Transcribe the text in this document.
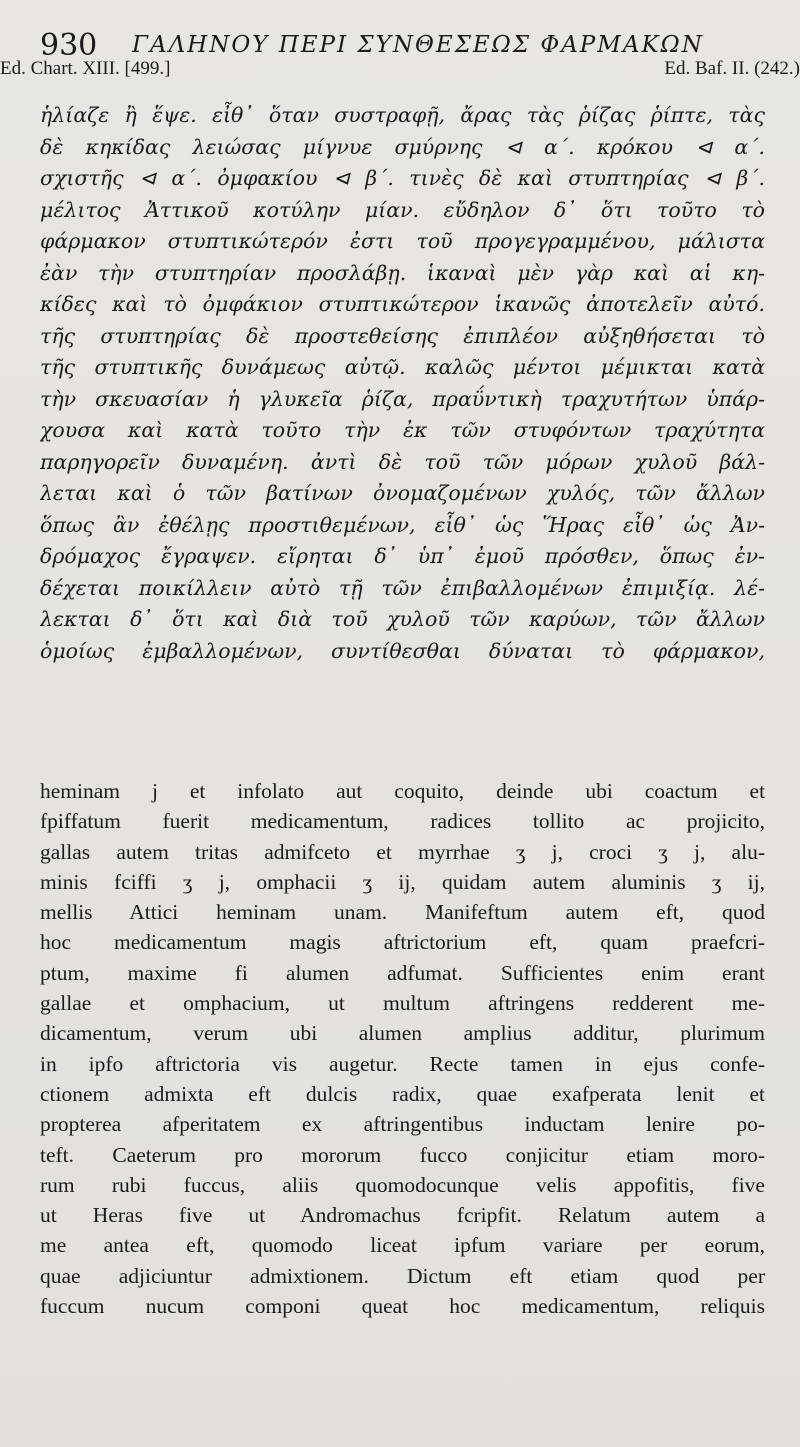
930 ΓΑΛΗΝΟΥ ΠΕΡΙ ΣΥΝΘΕΣΕΩΣ ΦΑΡΜΑΚΩΝ
Ed. Chart. XIII. [499.]	Ed. Baf. II. (242.)
ἡλίαζε ἢ ἕψε. εἶθ᾽ ὅταν συστραφῇ, ἄρας τὰς ῥίζας ῥίπτε, τὰς
δὲ κηκίδας λειώσας μίγνυε σμύρνης ⊲ α΄. κρόκου ⊲ α΄.
σχιστῆς ⊲ α΄. ὀμφακίου ⊲ β΄. τινὲς δὲ καὶ στυπτηρίας ⊲ β΄.
μέλιτος Ἀττικοῦ κοτύλην μίαν. εὔδηλον δ᾽ ὅτι τοῦτο τὸ
φάρμακον στυπτικώτερόν ἐστι τοῦ προγεγραμμένου, μάλιστα
ἐὰν τὴν στυπτηρίαν προσλάβῃ. ἱκαναὶ μὲν γὰρ καὶ αἱ κη-
κίδες καὶ τὸ ὀμφάκιον στυπτικώτερον ἱκανῶς ἀποτελεῖν αὐτό.
τῆς στυπτηρίας δὲ προστεθείσης ἐπιπλέον αὐξηθήσεται τὸ
τῆς στυπτικῆς δυνάμεως αὐτῷ. καλῶς μέντοι μέμικται κατὰ
τὴν σκευασίαν ἡ γλυκεῖα ῥίζα, πραΰντικὴ τραχυτήτων ὑπάρ-
χουσα καὶ κατὰ τοῦτο τὴν ἐκ τῶν στυφόντων τραχύτητα
παρηγορεῖν δυναμένη. ἀντὶ δὲ τοῦ τῶν μόρων χυλοῦ βάλ-
λεται καὶ ὁ τῶν βατίνων ὀνομαζομένων χυλός, τῶν ἄλλων
ὅπως ἂν ἐθέλῃς προστιθεμένων, εἶθ᾽ ὡς Ἥρας εἶθ᾽ ὡς Ἀν-
δρόμαχος ἔγραψεν. εἴρηται δ᾽ ὑπ᾽ ἐμοῦ πρόσθεν, ὅπως ἐν-
δέχεται ποικίλλειν αὐτὸ τῇ τῶν ἐπιβαλλομένων ἐπιμιξίᾳ. λέ-
λεκται δ᾽ ὅτι καὶ διὰ τοῦ χυλοῦ τῶν καρύων, τῶν ἄλλων
ὁμοίως ἐμβαλλομένων, συντίθεσθαι δύναται τὸ φάρμακον,
heminam j et infolato aut coquito, deinde ubi coactum et
fpiffatum fuerit medicamentum, radices tollito ac projicito,
gallas autem tritas admifceto et myrrhae ʒ j, croci ʒ j, alu-
minis fciffi ʒ j, omphacii ʒ ij, quidam autem aluminis ʒ ij,
mellis Attici heminam unam. Manifeftum autem eft, quod
hoc medicamentum magis aftrictorium eft, quam praefcri-
ptum, maxime fi alumen adfumat. Sufficientes enim erant
gallae et omphacium, ut multum aftringens redderent me-
dicamentum, verum ubi alumen amplius additur, plurimum
in ipfo aftrictoria vis augetur. Recte tamen in ejus confe-
ctionem admixta eft dulcis radix, quae exafperata lenit et
propterea afperitatem ex aftringentibus inductam lenire po-
teft. Caeterum pro mororum fucco conjicitur etiam moro-
rum rubi fuccus, aliis quomodocunque velis appofitis, five
ut Heras five ut Andromachus fcripfit. Relatum autem a
me antea eft, quomodo liceat ipfum variare per eorum,
quae adjiciuntur admixtionem. Dictum eft etiam quod per
fuccum nucum componi queat hoc medicamentum, reliquis
